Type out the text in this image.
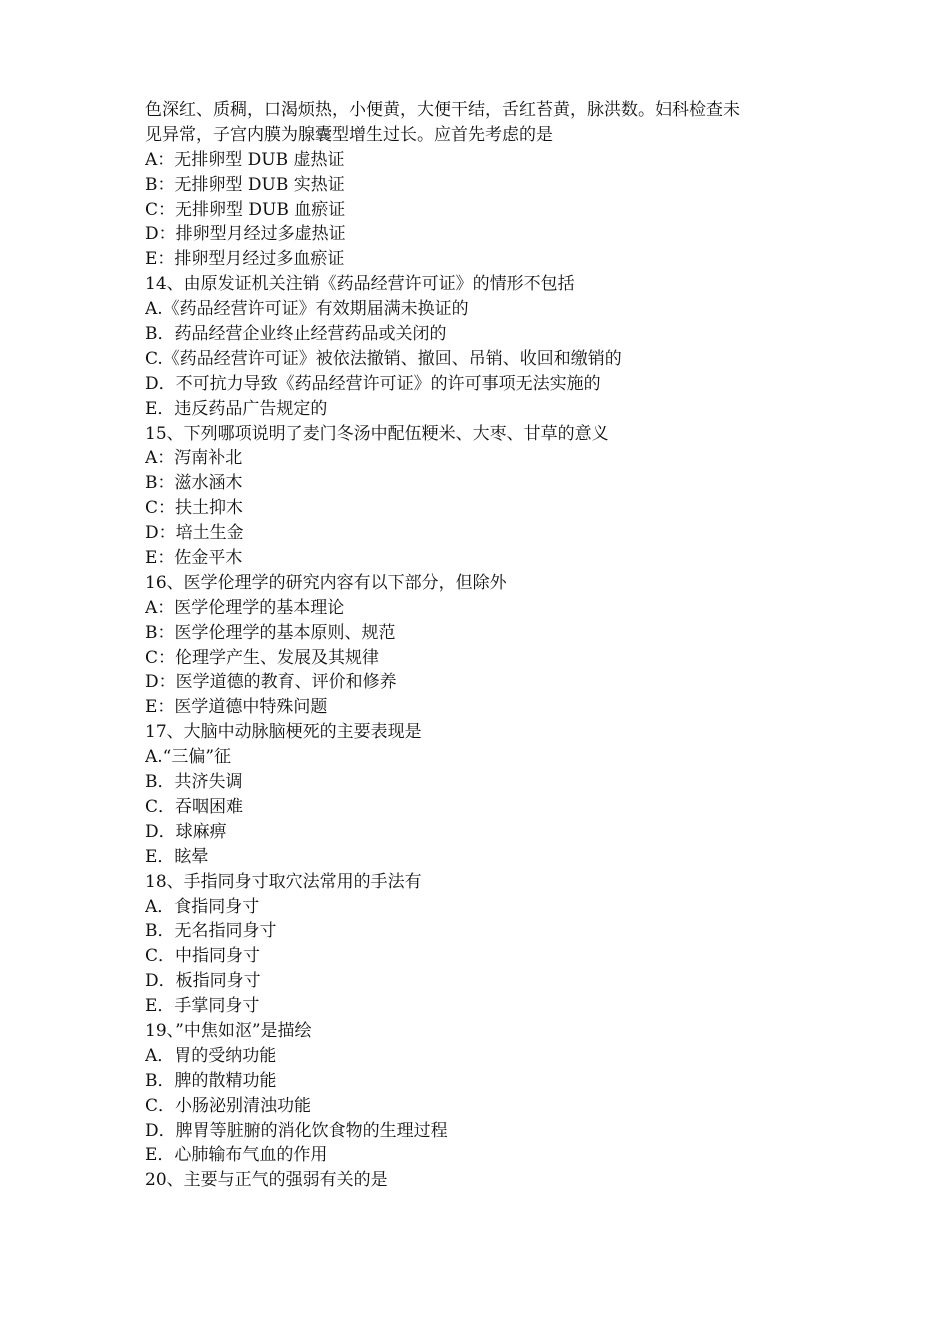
色深红、质稠，口渴烦热，小便黄，大便干结，舌红苔黄，脉洪数。妇科检查未
见异常，子宫内膜为腺囊型增生过长。应首先考虑的是
A：无排卵型 DUB 虚热证
B：无排卵型 DUB 实热证
C：无排卵型 DUB 血瘀证
D：排卵型月经过多虚热证
E：排卵型月经过多血瘀证
14、由原发证机关注销《药品经营许可证》的情形不包括
A.《药品经营许可证》有效期届满未换证的
B．药品经营企业终止经营药品或关闭的
C.《药品经营许可证》被依法撤销、撤回、吊销、收回和缴销的
D．不可抗力导致《药品经营许可证》的许可事项无法实施的
E．违反药品广告规定的
15、下列哪项说明了麦门冬汤中配伍粳米、大枣、甘草的意义
A：泻南补北
B：滋水涵木
C：扶土抑木
D：培土生金
E：佐金平木
16、医学伦理学的研究内容有以下部分，但除外
A：医学伦理学的基本理论
B：医学伦理学的基本原则、规范
C：伦理学产生、发展及其规律
D：医学道德的教育、评价和修养
E：医学道德中特殊问题
17、大脑中动脉脑梗死的主要表现是
A.“三偏”征
B．共济失调
C．吞咽困难
D．球麻痹
E．眩晕
18、手指同身寸取穴法常用的手法有
A．食指同身寸
B．无名指同身寸
C．中指同身寸
D．板指同身寸
E．手掌同身寸
19、”中焦如沤”是描绘
A．胃的受纳功能
B．脾的散精功能
C．小肠泌别清浊功能
D．脾胃等脏腑的消化饮食物的生理过程
E．心肺输布气血的作用
20、主要与正气的强弱有关的是
